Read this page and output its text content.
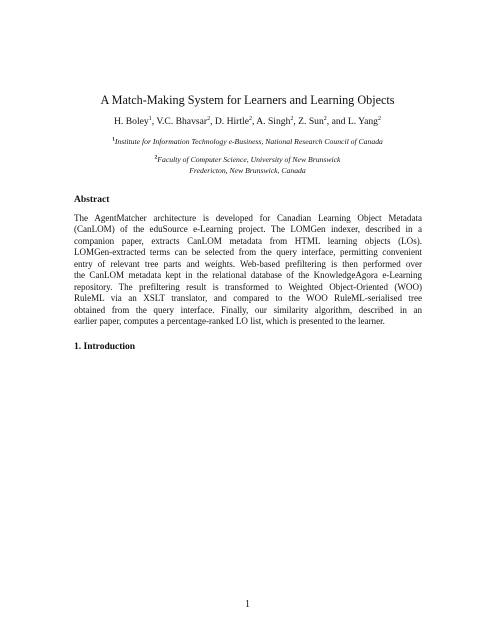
A Match-Making System for Learners and Learning Objects
H. Boley$^1$, V.C. Bhavsar$^2$, D. Hirtle$^2$, A. Singh$^2$, Z. Sun$^2$, and L. Yang$^2$
$^1$Institute for Information Technology e-Business, National Research Council of Canada
$^2$Faculty of Computer Science, University of New Brunswick
Fredericton, New Brunswick, Canada
Abstract
The AgentMatcher architecture is developed for Canadian Learning Object Metadata
(CanLOM) of the eduSource e-Learning project. The LOMGen indexer, described in a
companion paper, extracts CanLOM metadata from HTML learning objects (LOs).
LOMGen-extracted terms can be selected from the query interface, permitting convenient
entry of relevant tree parts and weights. Web-based prefiltering is then performed over
the CanLOM metadata kept in the relational database of the KnowledgeAgora e-Learning
repository. The prefiltering result is transformed to Weighted Object-Oriented (WOO)
RuleML via an XSLT translator, and compared to the WOO RuleML-serialised tree
obtained from the query interface. Finally, our similarity algorithm, described in an
earlier paper, computes a percentage-ranked LO list, which is presented to the learner.
1. Introduction
1
